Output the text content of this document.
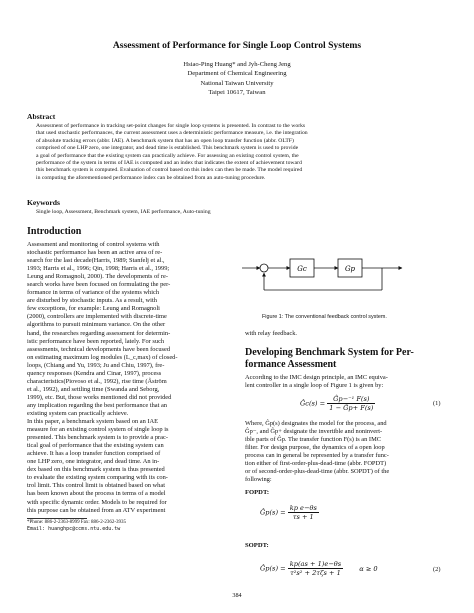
Assessment of Performance for Single Loop Control Systems
Hsiao-Ping Huang* and Jyh-Cheng Jeng
Department of Chemical Engineering
National Taiwan University
Taipei 10617, Taiwan
Abstract
Assessment of performance in tracking set-point changes for single loop systems is presented. In contrast to the works
that used stochastic performances, the current assessment uses a deterministic performance measure, i.e. the integration
of absolute tracking errors (abbr. IAE). A benchmark system that has an open loop transfer function (abbr. OLTF)
comprised of one LHP zero, one integrator, and dead time is established. This benchmark system is used to provide
a goal of performance that the existing system can practically achieve. For assessing an existing control system, the
performance of the system in terms of IAE is computed and an index that indicates the extent of achievement toward
this benchmark system is computed. Evaluation of control based on this index can then be made. The model required
in computing the aforementioned performance index can be obtained from an auto-tuning procedure.
Keywords
Single loop, Assessment, Benchmark system, IAE performance, Auto-tuning
Introduction
Assessment and monitoring of control systems with
stochastic performance has been an active area of re-
search for the last decade(Harris, 1989; Stanfelj et al.,
1993; Harris et al., 1996; Qin, 1998; Harris et al., 1999;
Leung and Romagnoli, 2000). The developments of re-
search works have been focused on formulating the per-
formance in terms of variance of the systems which
are disturbed by stochastic inputs. As a result, with
few exceptions, for example: Leung and Romagnoli
(2000), controllers are implemented with discrete-time
algorithms to pursuit minimum variance. On the other
hand, the researches regarding assessment for determin-
istic performance have been reported, lately. For such
assessments, technical developments have been focused
on estimating maximum log modules (L_c,max) of closed-
loops, (Chiang and Yu, 1993; Ju and Chiu, 1997), fre-
quency responses (Kendra and Cinar, 1997), process
characteristics(Piovoso et al., 1992), rise time (Åström
et al., 1992), and settling time (Swanda and Seborg,
1999), etc. But, those works mentioned did not provided
any implication regarding the best performance that an
existing system can practically achieve.
In this paper, a benchmark system based on an IAE
measure for an existing control system of single loop is
presented. This benchmark system is to provide a prac-
tical goal of performance that the existing system can
achieve. It has a loop transfer function comprised of
one LHP zero, one integrator, and dead time. An in-
dex based on this benchmark system is thus presented
to evaluate the existing system comparing with its con-
trol limit. This control limit is obtained based on what
has been known about the process in terms of a model
with specific dynamic order. Models to be required for
this purpose can be obtained from an ATV experiment
*Phone: 886-2-2363-8999 Fax: 886-2-2362-3935
Email: huanghpc@ccms.ntu.edu.tw
384
Gc	Gp
Figure 1: The conventional feedback control system.
with relay feedback.
Developing Benchmark System for Per-
formance Assessment
According to the IMC design principle, an IMC equiva-
lent controller in a single loop of Figure 1 is given by:
Ĝc(s) = $\frac{\text{Ĝp−⁻¹ F(s)}}{1 - Ĝp+ F(s)}$	(1)
Where, Ĝp(s) designates the model for the process, and
Ĝp−, and Ĝp+ designate the invertible and noninvert-
ible parts of Ĝp. The transfer function F(s) is an IMC
filter. For design purpose, the dynamics of a open loop
process can in general be represented by a transfer func-
tion either of first-order-plus-dead-time (abbr. FOPDT)
or of second-order-plus-dead-time (abbr. SOPDT) of the
following:
FOPDT:
Ĝp(s) = $\frac{\text{kp e−θs}}{\tau s + 1}$
SOPDT:
Ĝp(s) = $\frac{kp(as + 1)e-\theta s}{\text{τ²s² + 2τζs + 1}}$ α ≥ 0	(2)
